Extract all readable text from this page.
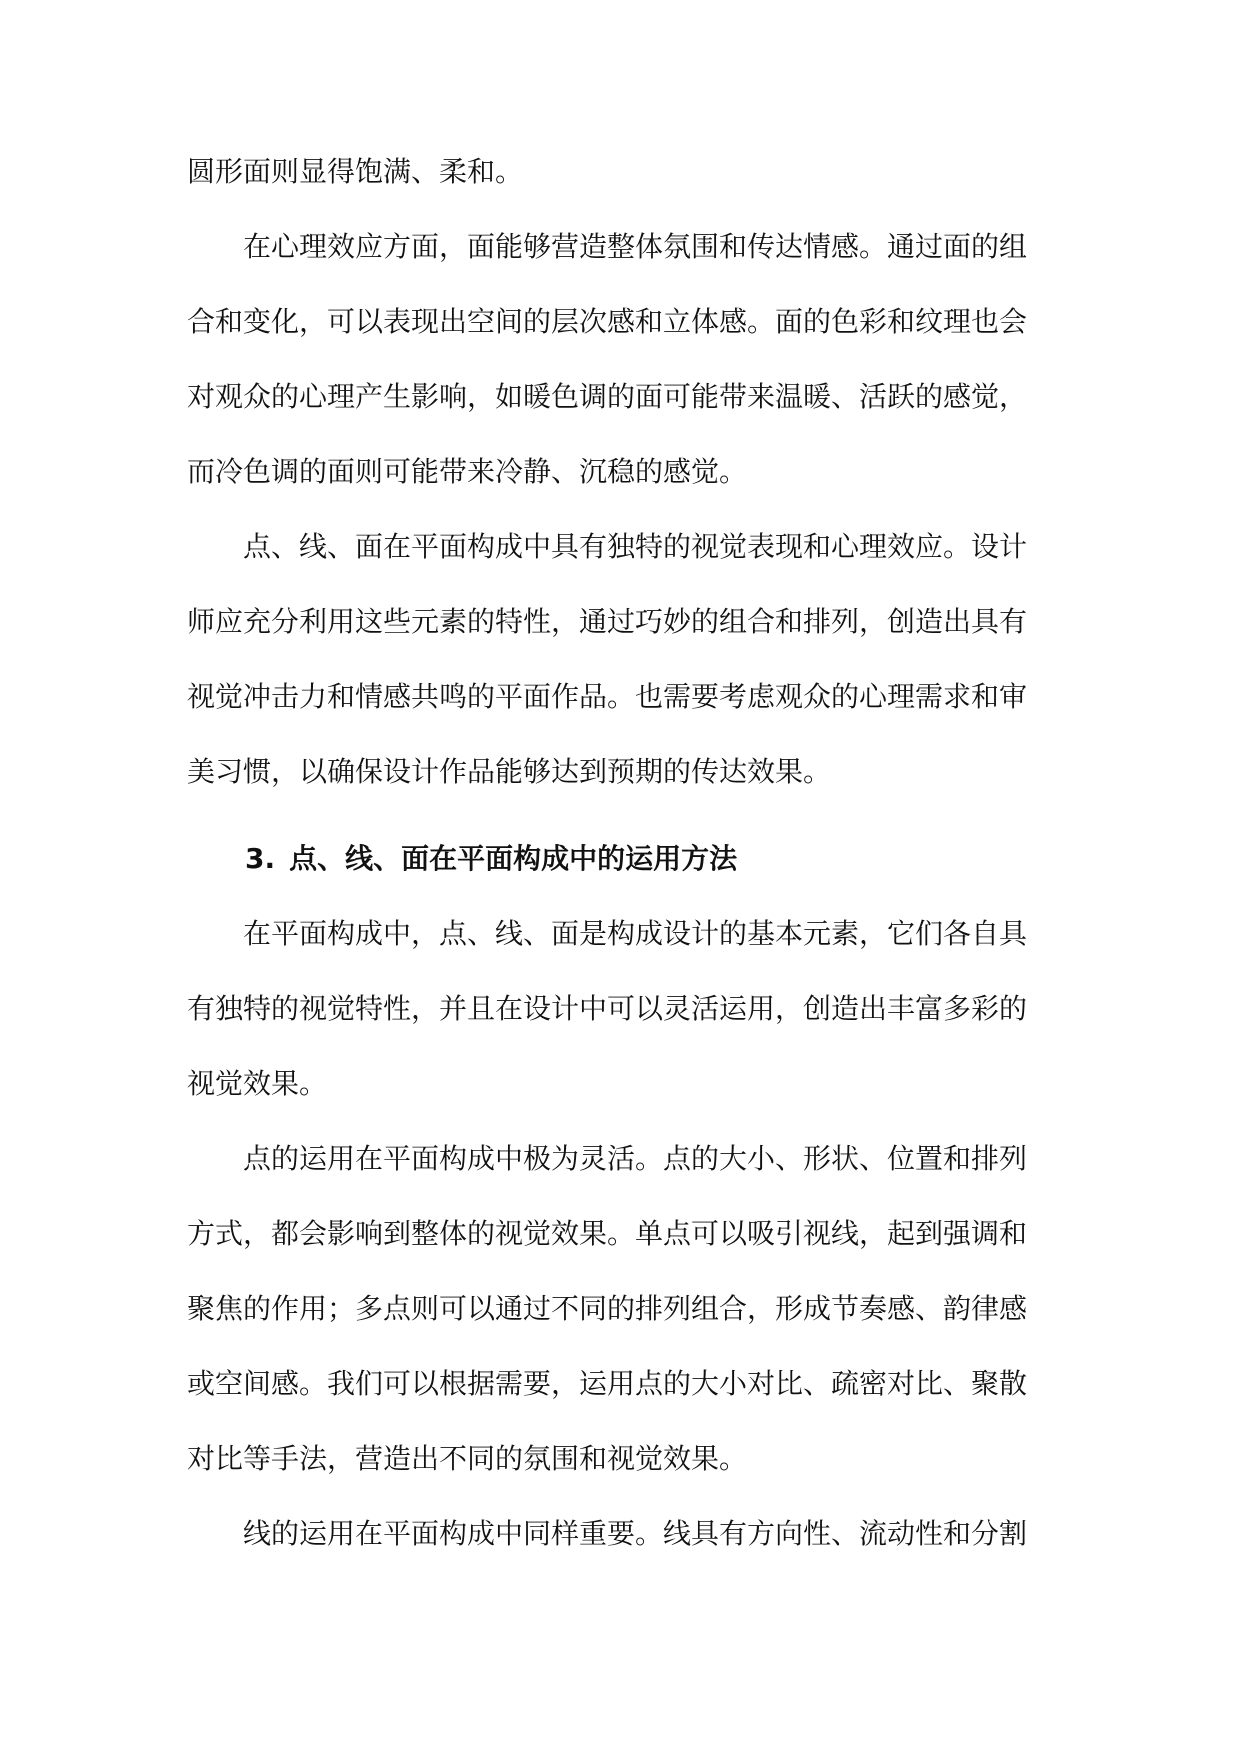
圆形面则显得饱满、柔和。
在心理效应方面，面能够营造整体氛围和传达情感。通过面的组
合和变化，可以表现出空间的层次感和立体感。面的色彩和纹理也会
对观众的心理产生影响，如暖色调的面可能带来温暖、活跃的感觉，
而冷色调的面则可能带来冷静、沉稳的感觉。
点、线、面在平面构成中具有独特的视觉表现和心理效应。设计
师应充分利用这些元素的特性，通过巧妙的组合和排列，创造出具有
视觉冲击力和情感共鸣的平面作品。也需要考虑观众的心理需求和审
美习惯，以确保设计作品能够达到预期的传达效果。
3. 点、线、面在平面构成中的运用方法
在平面构成中，点、线、面是构成设计的基本元素，它们各自具
有独特的视觉特性，并且在设计中可以灵活运用，创造出丰富多彩的
视觉效果。
点的运用在平面构成中极为灵活。点的大小、形状、位置和排列
方式，都会影响到整体的视觉效果。单点可以吸引视线，起到强调和
聚焦的作用；多点则可以通过不同的排列组合，形成节奏感、韵律感
或空间感。我们可以根据需要，运用点的大小对比、疏密对比、聚散
对比等手法，营造出不同的氛围和视觉效果。
线的运用在平面构成中同样重要。线具有方向性、流动性和分割
